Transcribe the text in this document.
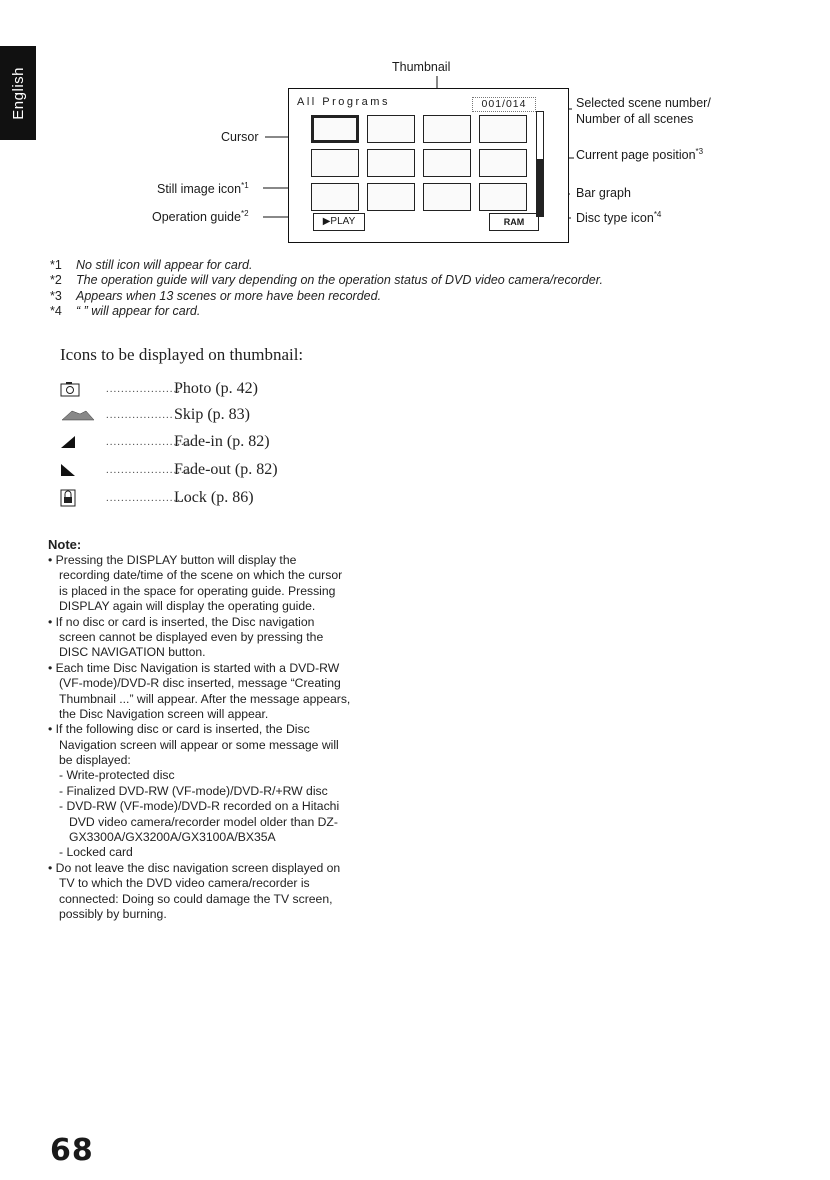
English	Thumbnail
Cursor
Still image icon$^{*1}$
Operation guide$^{*2}$
Selected scene number/
Number of all scenes
Current page position$^{*3}$
Bar graph
Disc type icon$^{*4}$
All Programs	001/014
▶PLAY	RAM
*1 No still icon will appear for card.
*2 The operation guide will vary depending on the operation status of DVD video camera/recorder.
*3 Appears when 13 scenes or more have been recorded.
*4 “ ” will appear for card.
Icons to be displayed on thumbnail:
....................
Photo (p. 42)
.................. Skip (p. 83)
.......................
Fade-in (p. 82)
.......................
Fade-out (p. 82)
.......................
Lock (p. 86)
Note:
• Pressing the DISPLAY button will display the
recording date/time of the scene on which the cursor
is placed in the space for operating guide. Pressing
DISPLAY again will display the operating guide.
• If no disc or card is inserted, the Disc navigation
screen cannot be displayed even by pressing the
DISC NAVIGATION button.
• Each time Disc Navigation is started with a DVD-RW
(VF-mode)/DVD-R disc inserted, message “Creating
Thumbnail ...” will appear. After the message appears,
the Disc Navigation screen will appear.
• If the following disc or card is inserted, the Disc
Navigation screen will appear or some message will
be displayed:
- Write-protected disc
- Finalized DVD-RW (VF-mode)/DVD-R/+RW disc
- DVD-RW (VF-mode)/DVD-R recorded on a Hitachi
DVD video camera/recorder model older than DZ-
GX3300A/GX3200A/GX3100A/BX35A
- Locked card
• Do not leave the disc navigation screen displayed on
TV to which the DVD video camera/recorder is
connected: Doing so could damage the TV screen,
possibly by burning.
68
